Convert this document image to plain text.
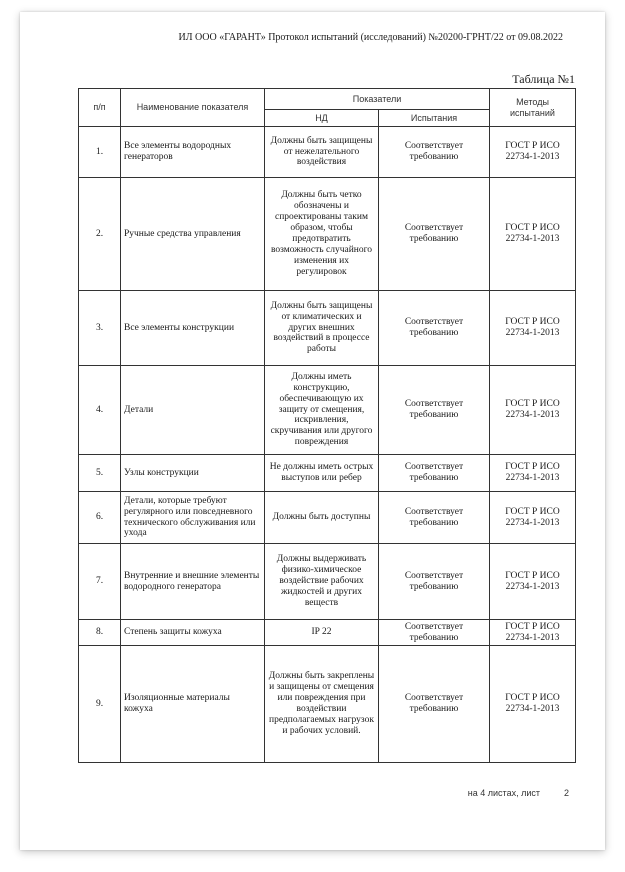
ИЛ ООО «ГАРАНТ» Протокол испытаний (исследований) №20200-ГРНТ/22 от 09.08.2022
Таблица №1
п/п	Наименование показателя	Показатели		Методы испытаний
		НД	Испытания	
1.	Все элементы водородных генераторов	Должны быть защищены от нежелательного воздействия	Соответствует требованию	ГОСТ Р ИСО 22734-1-2013
2.	Ручные средства управления	Должны быть четко обозначены и спроектированы таким образом, чтобы предотвратить возможность случайного изменения их регулировок	Соответствует требованию	ГОСТ Р ИСО 22734-1-2013
3.	Все элементы конструкции	Должны быть защищены от климатических и других внешних воздействий в процессе работы	Соответствует требованию	ГОСТ Р ИСО 22734-1-2013
4.	Детали	Должны иметь конструкцию, обеспечивающую их защиту от смещения, искривления, скручивания или другого повреждения	Соответствует требованию	ГОСТ Р ИСО 22734-1-2013
5.	Узлы конструкции	Не должны иметь острых выступов или ребер	Соответствует требованию	ГОСТ Р ИСО 22734-1-2013
6.	Детали, которые требуют регулярного или повседневного технического обслуживания или ухода	Должны быть доступны	Соответствует требованию	ГОСТ Р ИСО 22734-1-2013
7.	Внутренние и внешние элементы водородного генератора	Должны выдерживать физико-химическое воздействие рабочих жидкостей и других веществ	Соответствует требованию	ГОСТ Р ИСО 22734-1-2013
8.	Степень защиты кожуха	IP 22	Соответствует требованию	ГОСТ Р ИСО 22734-1-2013
9.	Изоляционные материалы кожуха	Должны быть закреплены и защищены от смещения или повреждения при воздействии предполагаемых нагрузок и рабочих условий.	Соответствует требованию	ГОСТ Р ИСО 22734-1-2013
на 4 листах, лист	2
